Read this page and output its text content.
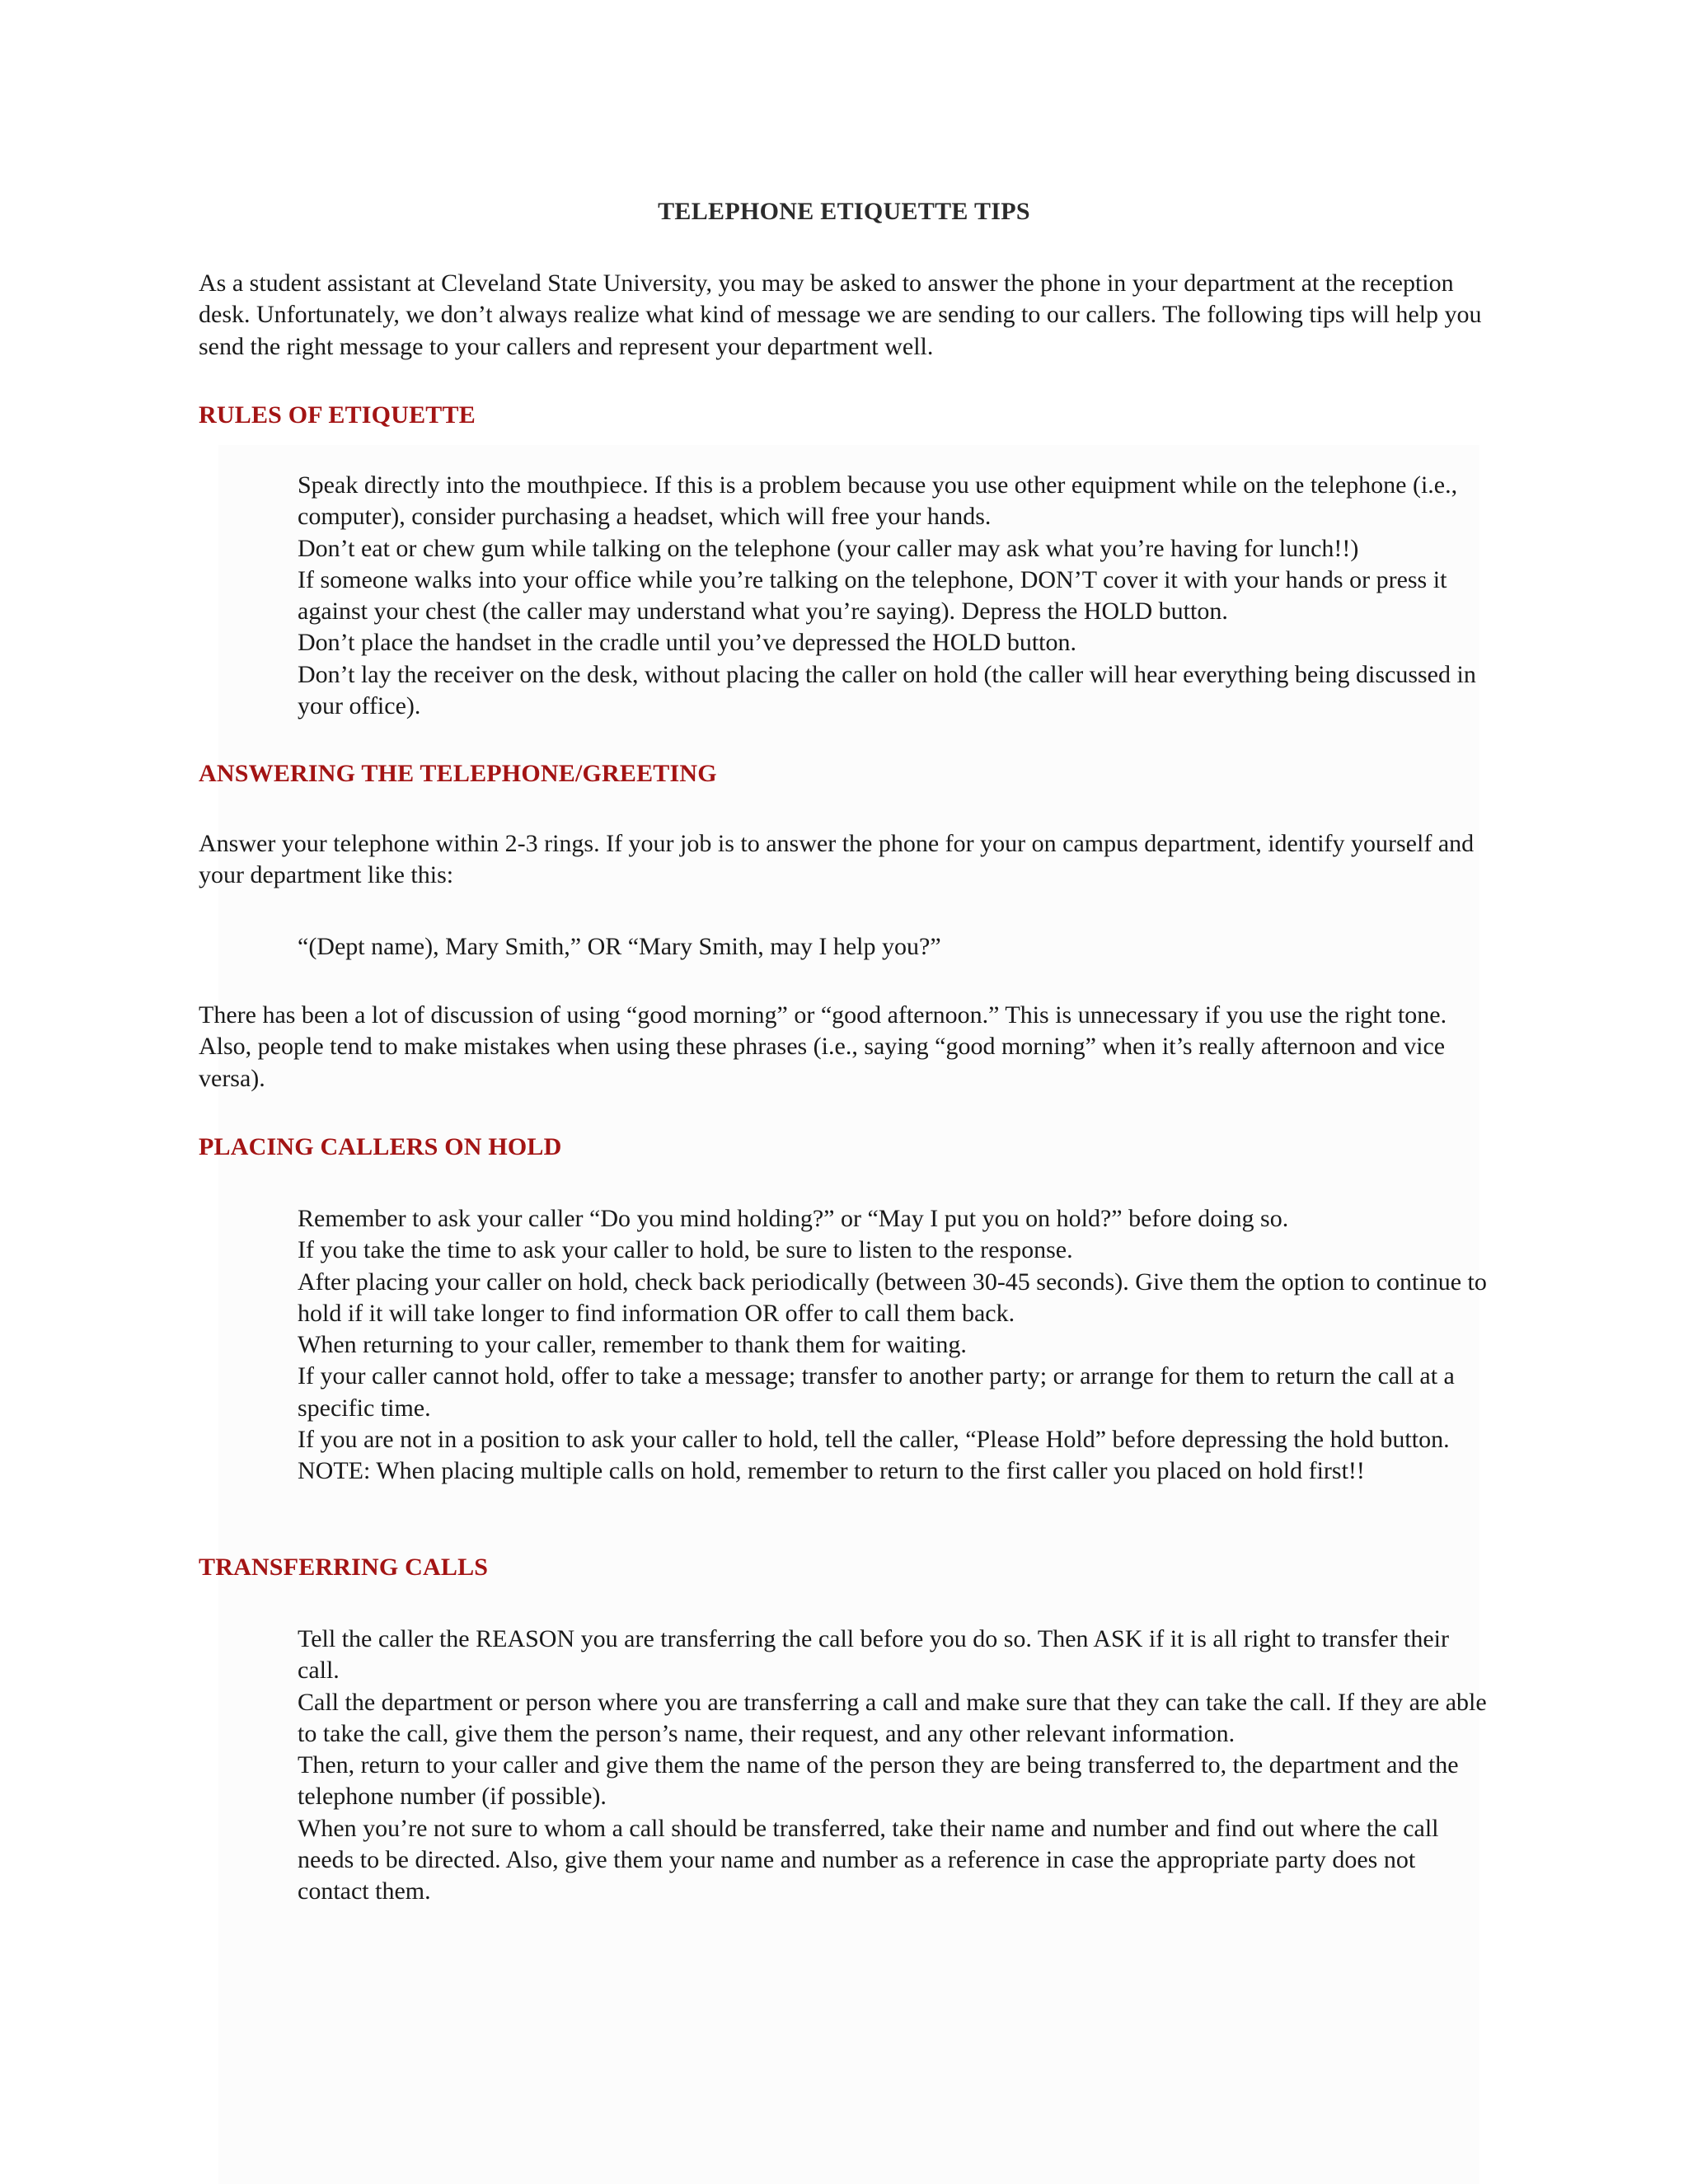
TELEPHONE ETIQUETTE TIPS

As a student assistant at Cleveland State University, you may be asked to answer the phone in your department at the reception desk. Unfortunately, we don’t always realize what kind of message we are sending to our callers. The following tips will help you send the right message to your callers and represent your department well.

RULES OF ETIQUETTE
Speak directly into the mouthpiece. If this is a problem because you use other equipment while on the telephone (i.e., computer), consider purchasing a headset, which will free your hands.
Don’t eat or chew gum while talking on the telephone (your caller may ask what you’re having for lunch!!)
If someone walks into your office while you’re talking on the telephone, DON’T cover it with your hands or press it against your chest (the caller may understand what you’re saying). Depress the HOLD button.
Don’t place the handset in the cradle until you’ve depressed the HOLD button.
Don’t lay the receiver on the desk, without placing the caller on hold (the caller will hear everything being discussed in your office).
ANSWERING THE TELEPHONE/GREETING

Answer your telephone within 2-3 rings. If your job is to answer the phone for your on campus department, identify yourself and your department like this:

“(Dept name), Mary Smith,” OR “Mary Smith, may I help you?”

There has been a lot of discussion of using “good morning” or “good afternoon.” This is unnecessary if you use the right tone. Also, people tend to make mistakes when using these phrases (i.e., saying “good morning” when it’s really afternoon and vice versa).

PLACING CALLERS ON HOLD
Remember to ask your caller “Do you mind holding?” or “May I put you on hold?” before doing so.
If you take the time to ask your caller to hold, be sure to listen to the response.
After placing your caller on hold, check back periodically (between 30-45 seconds). Give them the option to continue to hold if it will take longer to find information OR offer to call them back.
When returning to your caller, remember to thank them for waiting.
If your caller cannot hold, offer to take a message; transfer to another party; or arrange for them to return the call at a specific time.
If you are not in a position to ask your caller to hold, tell the caller, “Please Hold” before depressing the hold button. NOTE: When placing multiple calls on hold, remember to return to the first caller you placed on hold first!!
TRANSFERRING CALLS
Tell the caller the REASON you are transferring the call before you do so. Then ASK if it is all right to transfer their call.
Call the department or person where you are transferring a call and make sure that they can take the call. If they are able to take the call, give them the person’s name, their request, and any other relevant information.
Then, return to your caller and give them the name of the person they are being transferred to, the department and the telephone number (if possible).
When you’re not sure to whom a call should be transferred, take their name and number and find out where the call needs to be directed. Also, give them your name and number as a reference in case the appropriate party does not contact them.
